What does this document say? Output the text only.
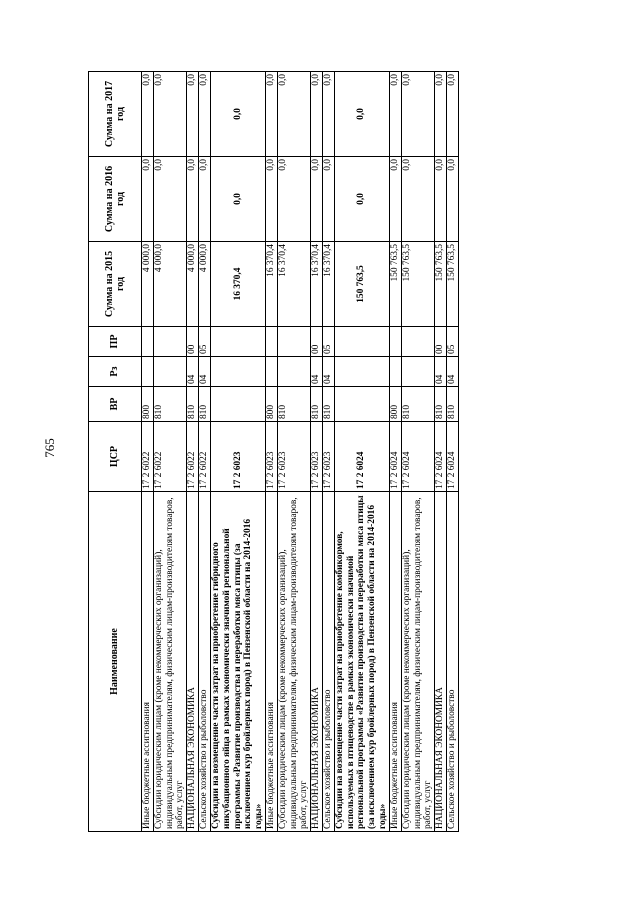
765
Наименование	ЦСР	ВР	Рз	ПР	Сумма на 2015 год	Сумма на 2016 год	Сумма на 2017 год
Иные бюджетные ассигнования	17 2 6022	800			4 000,0	0,0	0,0
Субсидии юридическим лицам (кроме некоммерческих организаций), индивидуальным предпринимателям, физическим лицам-производителям товаров, работ, услуг	17 2 6022	810			4 000,0	0,0	0,0
НАЦИОНАЛЬНАЯ ЭКОНОМИКА	17 2 6022	810	04	00	4 000,0	0,0	0,0
Сельское хозяйство и рыболовство	17 2 6022	810	04	05	4 000,0	0,0	0,0
Субсидии на возмещение части затрат на приобретение гибридного инкубационного яйца в рамках экономически значимой региональной программы «Развитие производства и переработки мяса птицы (за исключением кур бройлерных пород) в Пензенской области на 2014-2016 годы»	17 2 6023				16 370,4	0,0	0,0
Иные бюджетные ассигнования	17 2 6023	800			16 370,4	0,0	0,0
Субсидии юридическим лицам (кроме некоммерческих организаций), индивидуальным предпринимателям, физическим лицам-производителям товаров, работ, услуг	17 2 6023	810			16 370,4	0,0	0,0
НАЦИОНАЛЬНАЯ ЭКОНОМИКА	17 2 6023	810	04	00	16 370,4	0,0	0,0
Сельское хозяйство и рыболовство	17 2 6023	810	04	05	16 370,4	0,0	0,0
Субсидии на возмещение части затрат на приобретение комбикормов, используемых в птицеводстве в рамках экономически значимой региональной программы «Развитие производства и переработки мяса птицы (за исключением кур бройлерных пород) в Пензенской области на 2014-2016 годы»	17 2 6024				150 763,5	0,0	0,0
Иные бюджетные ассигнования	17 2 6024	800			150 763,5	0,0	0,0
Субсидии юридическим лицам (кроме некоммерческих организаций), индивидуальным предпринимателям, физическим лицам-производителям товаров, работ, услуг	17 2 6024	810			150 763,5	0,0	0,0
НАЦИОНАЛЬНАЯ ЭКОНОМИКА	17 2 6024	810	04	00	150 763,5	0,0	0,0
Сельское хозяйство и рыболовство	17 2 6024	810	04	05	150 763,5	0,0	0,0
